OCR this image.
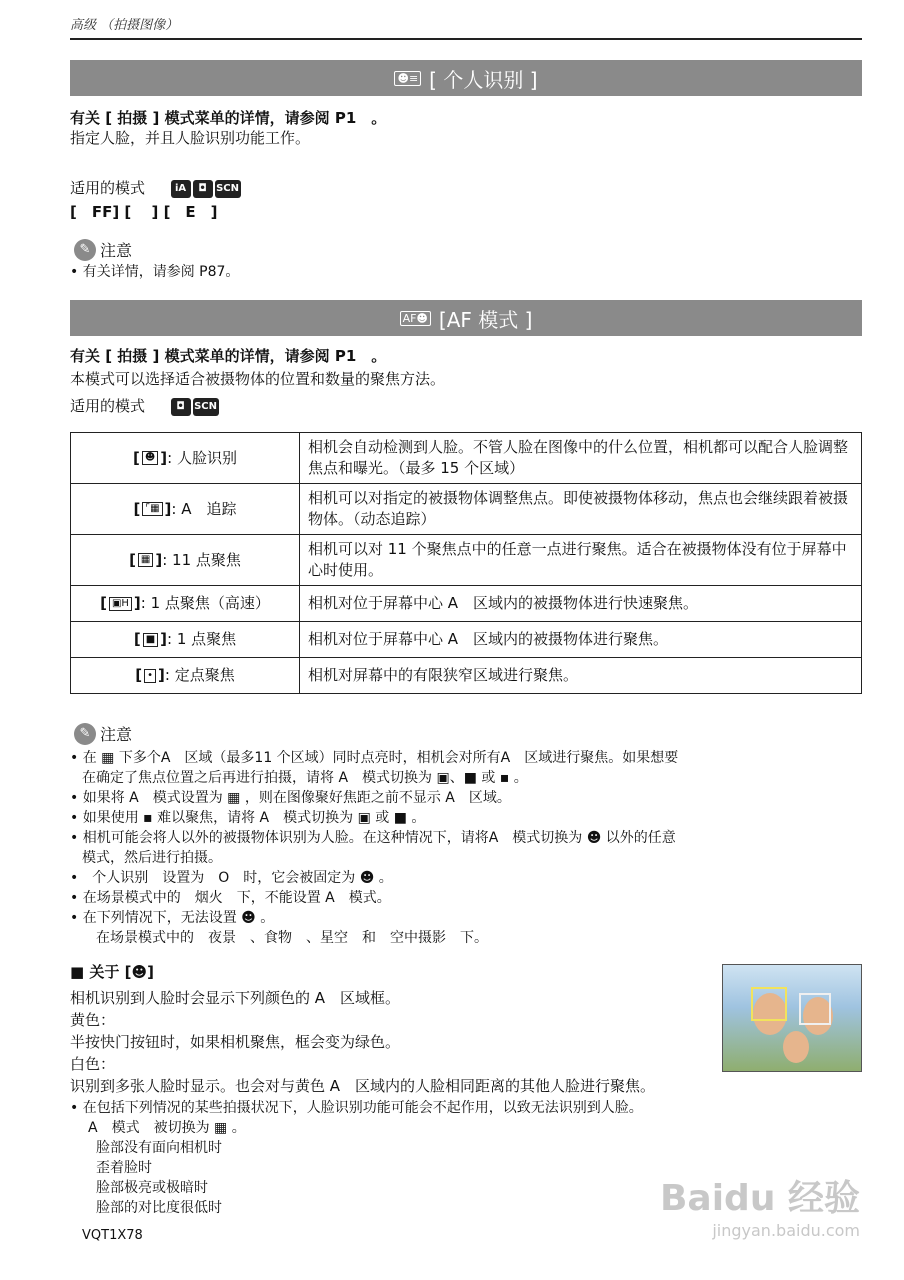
高级 （拍摄图像）
☻≡ [ 个人识别 ]
有关 [ 拍摄 ] 模式菜单的详情，请参阅 P1　。
指定人脸，并且人脸识别功能工作。
适用的模式	iA ◘ SCN
[　FF] [　 ] [　E　]
✎ 注意
• 有关详情，请参阅 P87。
AF☻ [AF 模式 ]
有关 [ 拍摄 ] 模式菜单的详情，请参阅 P1　。
本模式可以选择适合被摄物体的位置和数量的聚焦方法。
适用的模式	◘ SCN
[ ☻ ]: 人脸识别	相机会自动检测到人脸。不管人脸在图像中的什么位置，相机都可以配合人脸调整焦点和曝光。（最多 15 个区域）
[ ⌜▦ ]: A　追踪	相机可以对指定的被摄物体调整焦点。即使被摄物体移动，焦点也会继续跟着被摄物体。（动态追踪）
[ ▦ ]: 11 点聚焦	相机可以对 11 个聚焦点中的任意一点进行聚焦。适合在被摄物体没有位于屏幕中心时使用。
[ ▣H ]: 1 点聚焦（高速）	相机对位于屏幕中心 A　区域内的被摄物体进行快速聚焦。
[ ■ ]: 1 点聚焦	相机对位于屏幕中心 A　区域内的被摄物体进行聚焦。
[ • ]: 定点聚焦	相机对屏幕中的有限狭窄区域进行聚焦。
✎ 注意
• 在 ▦ 下多个A　区域（最多11 个区域）同时点亮时，相机会对所有A　区域进行聚焦。如果想要
在确定了焦点位置之后再进行拍摄，请将 A　模式切换为 ▣、■ 或 ▪ 。
• 如果将 A　模式设置为 ▦ ，则在图像聚好焦距之前不显示 A　区域。
• 如果使用 ▪ 难以聚焦，请将 A　模式切换为 ▣ 或 ■ 。
• 相机可能会将人以外的被摄物体识别为人脸。在这种情况下，请将A　模式切换为 ☻ 以外的任意
模式，然后进行拍摄。
•　个人识别　设置为　O　时，它会被固定为 ☻ 。
• 在场景模式中的　烟火　下，不能设置 A　模式。
• 在下列情况下，无法设置 ☻ 。
在场景模式中的　夜景　、食物　、星空　和　空中摄影　下。
■ 关于 [☻]
相机识别到人脸时会显示下列颜色的 A　区域框。
黄色：
半按快门按钮时，如果相机聚焦，框会变为绿色。
白色：
识别到多张人脸时显示。也会对与黄色 A　区域内的人脸相同距离的其他人脸进行聚焦。
• 在包括下列情况的某些拍摄状况下，人脸识别功能可能会不起作用，以致无法识别到人脸。
A　模式　被切换为 ▦ 。
脸部没有面向相机时
歪着脸时
脸部极亮或极暗时
脸部的对比度很低时	Baidu 经验
jingyan.baidu.com
VQT1X78
